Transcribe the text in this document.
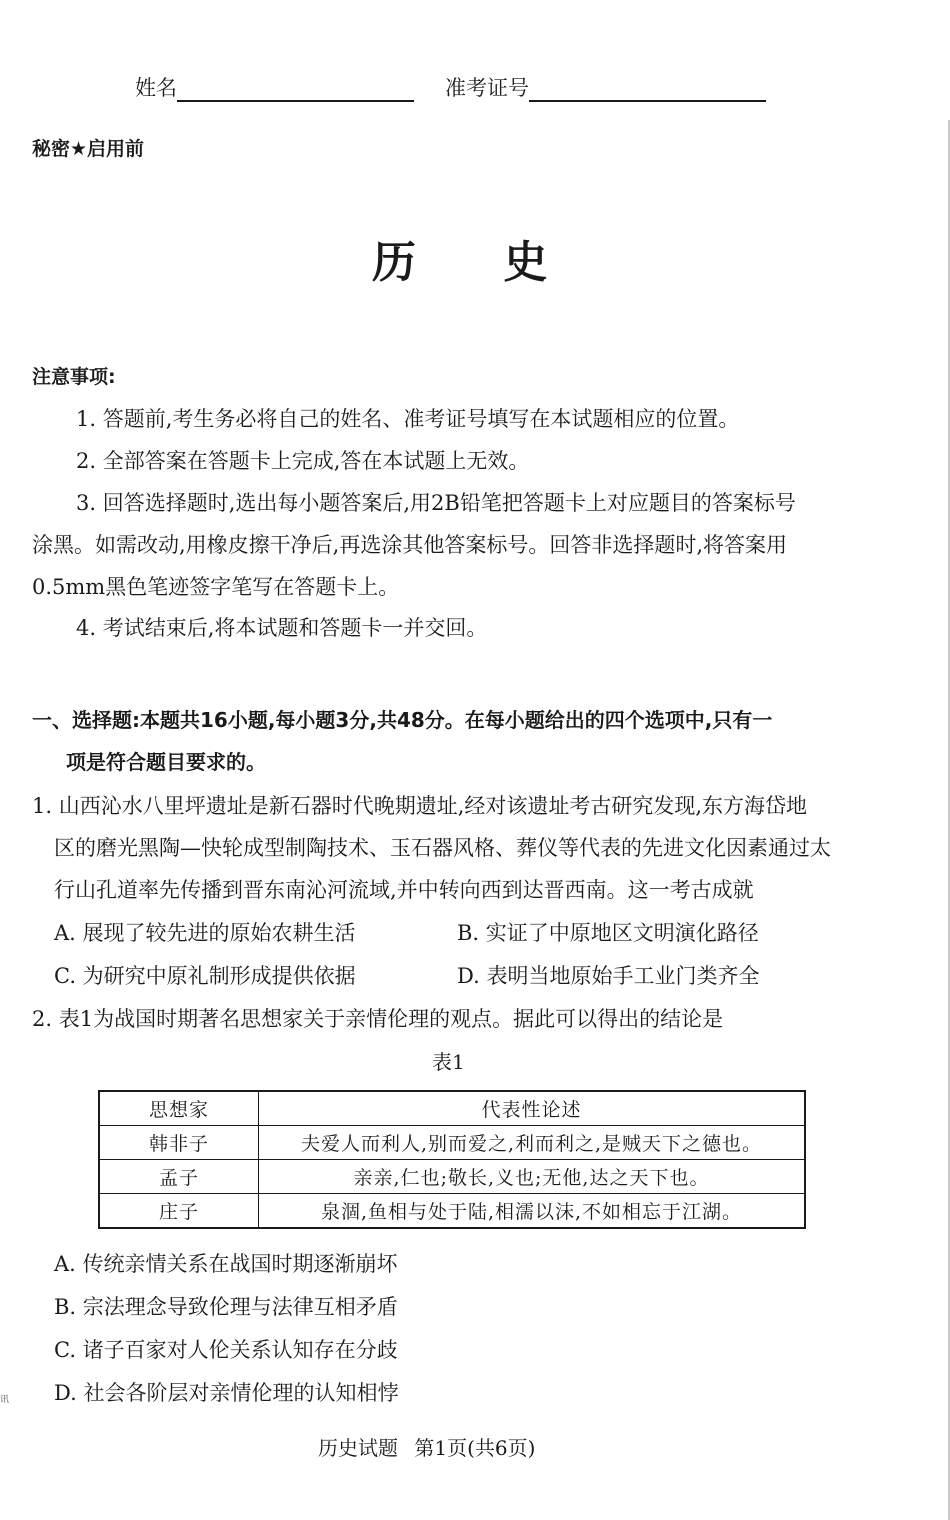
姓名	准考证号
秘密★启用前
历 史
注意事项:
1. 答题前,考生务必将自己的姓名、准考证号填写在本试题相应的位置。
2. 全部答案在答题卡上完成,答在本试题上无效。
3. 回答选择题时,选出每小题答案后,用2B铅笔把答题卡上对应题目的答案标号
涂黑。如需改动,用橡皮擦干净后,再选涂其他答案标号。回答非选择题时,将答案用
0.5mm黑色笔迹签字笔写在答题卡上。
4. 考试结束后,将本试题和答题卡一并交回。
一、选择题:本题共16小题,每小题3分,共48分。在每小题给出的四个选项中,只有一
项是符合题目要求的。
1. 山西沁水八里坪遗址是新石器时代晚期遗址,经对该遗址考古研究发现,东方海岱地
区的磨光黑陶—快轮成型制陶技术、玉石器风格、葬仪等代表的先进文化因素通过太
行山孔道率先传播到晋东南沁河流域,并中转向西到达晋西南。这一考古成就
A. 展现了较先进的原始农耕生活	B. 实证了中原地区文明演化路径
C. 为研究中原礼制形成提供依据	D. 表明当地原始手工业门类齐全
2. 表1为战国时期著名思想家关于亲情伦理的观点。据此可以得出的结论是
表1
思想家	代表性论述
韩非子	夫爱人而利人,别而爱之,利而利之,是贼天下之德也。
孟子	亲亲,仁也;敬长,义也;无他,达之天下也。
庄子	泉涸,鱼相与处于陆,相濡以沫,不如相忘于江湖。
A. 传统亲情关系在战国时期逐渐崩坏
B. 宗法理念导致伦理与法律互相矛盾
C. 诸子百家对人伦关系认知存在分歧
D. 社会各阶层对亲情伦理的认知相悖
讯
历史试题 第1页(共6页)
